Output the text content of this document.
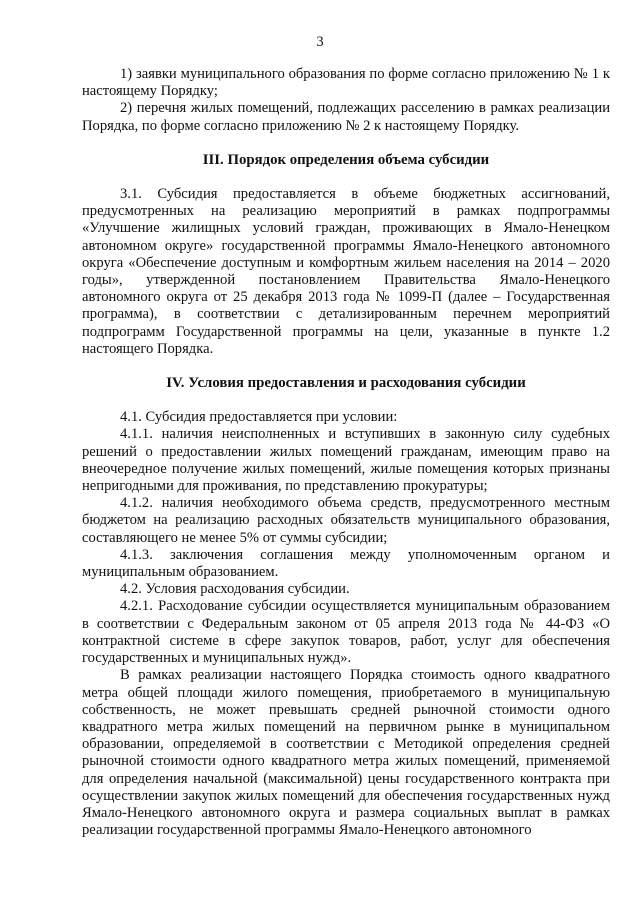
3

1) заявки муниципального образования по форме согласно приложению № 1 к настоящему Порядку;

2) перечня жилых помещений, подлежащих расселению в рамках реализации Порядка, по форме согласно приложению № 2 к настоящему Порядку.

III. Порядок определения объема субсидии

3.1. Субсидия предоставляется в объеме бюджетных ассигнований, предусмотренных на реализацию мероприятий в рамках подпрограммы «Улучшение жилищных условий граждан, проживающих в Ямало-Ненецком автономном округе» государственной программы Ямало-Ненецкого автономного округа «Обеспечение доступным и комфортным жильем населения на 2014 – 2020 годы», утвержденной постановлением Правительства Ямало-Ненецкого автономного округа от 25 декабря 2013 года № 1099-П (далее – Государственная программа), в соответствии с детализированным перечнем мероприятий подпрограмм Государственной программы на цели, указанные в пункте 1.2 настоящего Порядка.

IV. Условия предоставления и расходования субсидии

4.1. Субсидия предоставляется при условии:

4.1.1. наличия неисполненных и вступивших в законную силу судебных решений о предоставлении жилых помещений гражданам, имеющим право на внеочередное получение жилых помещений, жилые помещения которых признаны непригодными для проживания, по представлению прокуратуры;

4.1.2. наличия необходимого объема средств, предусмотренного местным бюджетом на реализацию расходных обязательств муниципального образования, составляющего не менее 5% от суммы субсидии;

4.1.3. заключения соглашения между уполномоченным органом и муниципальным образованием.

4.2. Условия расходования субсидии.

4.2.1. Расходование субсидии осуществляется муниципальным образованием в соответствии с Федеральным законом от 05 апреля 2013 года № 44-ФЗ «О контрактной системе в сфере закупок товаров, работ, услуг для обеспечения государственных и муниципальных нужд».

В рамках реализации настоящего Порядка стоимость одного квадратного метра общей площади жилого помещения, приобретаемого в муниципальную собственность, не может превышать средней рыночной стоимости одного квадратного метра жилых помещений на первичном рынке в муниципальном образовании, определяемой в соответствии с Методикой определения средней рыночной стоимости одного квадратного метра жилых помещений, применяемой для определения начальной (максимальной) цены государственного контракта при осуществлении закупок жилых помещений для обеспечения государственных нужд Ямало-Ненецкого автономного округа и размера социальных выплат в рамках реализации государственной программы Ямало-Ненецкого автономного
